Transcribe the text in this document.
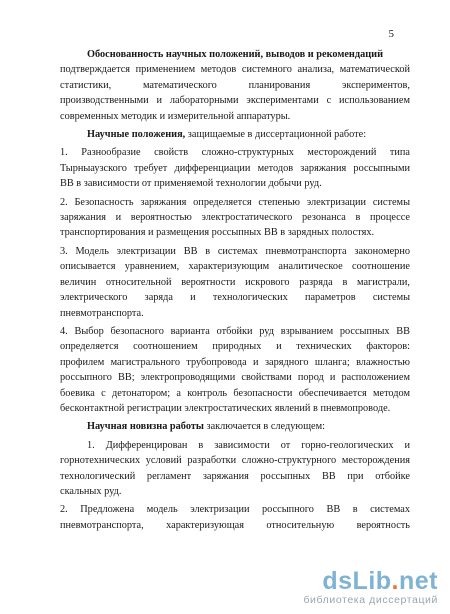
5
Обоснованность научных положений, выводов и рекомендаций
подтверждается применением методов системного анализа, математической
статистики,	математического	планирования	экспериментов,
производственными и лабораторными экспериментами с использованием
современных методик и измерительной аппаратуры.
Научные положения, защищаемые в диссертационной работе:
1. Разнообразие свойств сложно-структурных месторождений типа
Тырныаузского требует дифференциации методов заряжания россыпными
ВВ в зависимости от применяемой технологии добычи руд.
2. Безопасность заряжания определяется степенью электризации системы
заряжания и вероятностью электростатического резонанса в процессе
транспортирования и размещения россыпных ВВ в зарядных полостях.
3. Модель электризации ВВ в системах пневмотранспорта закономерно
описывается уравнением, характеризующим аналитическое соотношение
величин относительной вероятности искрового разряда в магистрали,
электрического заряда и технологических параметров системы
пневмотранспорта.
4. Выбор безопасного варианта отбойки руд взрыванием россыпных ВВ
определяется соотношением природных и технических факторов:
профилем магистрального трубопровода и зарядного шланга; влажностью
россыпного ВВ; электропроводящими свойствами пород и расположением
боевика с детонатором; а контроль безопасности обеспечивается методом
бесконтактной регистрации электростатических явлений в пневмопроводе.
Научная новизна работы заключается в следующем:
1. Дифференцирован в зависимости от горно-геологических и
горнотехнических условий разработки сложно-структурного месторождения
технологический регламент заряжания россыпных ВВ при отбойке
скальных руд.
2. Предложена модель электризации россыпного ВВ в системах
пневмотранспорта, характеризующая относительную вероятность
dsLib.net
библиотека диссертаций
